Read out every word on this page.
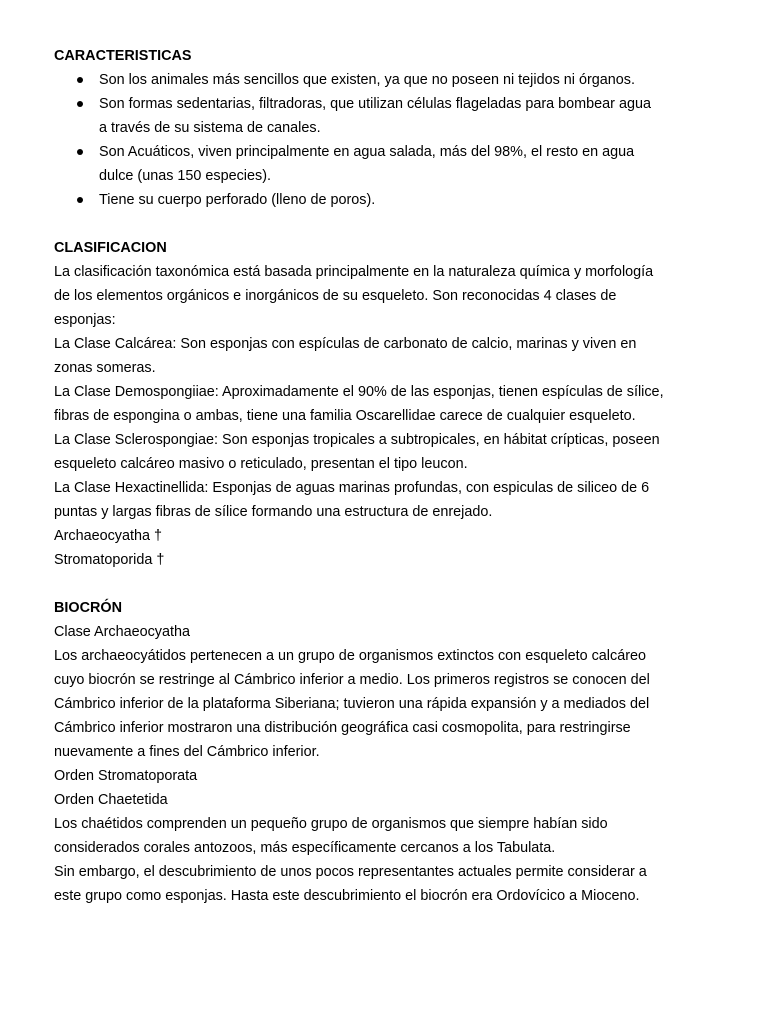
CARACTERISTICAS

Son los animales más sencillos que existen, ya que no poseen ni tejidos ni órganos.

Son formas sedentarias, filtradoras, que utilizan células flageladas para bombear agua

a través de su sistema de canales.

Son Acuáticos, viven principalmente en agua salada, más del 98%, el resto en agua

dulce (unas 150 especies).

Tiene su cuerpo perforado (lleno de poros).

CLASIFICACION

La clasificación taxonómica está basada principalmente en la naturaleza química y morfología

de los elementos orgánicos e inorgánicos de su esqueleto. Son reconocidas 4 clases de

esponjas:

La Clase Calcárea: Son esponjas con espículas de carbonato de calcio, marinas y viven en

zonas someras.

La Clase Demospongiiae: Aproximadamente el 90% de las esponjas, tienen espículas de sílice,

fibras de espongina o ambas, tiene una familia Oscarellidae carece de cualquier esqueleto.

La Clase Sclerospongiae: Son esponjas tropicales a subtropicales, en hábitat crípticas, poseen

esqueleto calcáreo masivo o reticulado, presentan el tipo leucon.

La Clase Hexactinellida: Esponjas de aguas marinas profundas, con espiculas de siliceo de 6

puntas y largas fibras de sílice formando una estructura de enrejado.

Archaeocyatha †

Stromatoporida †

BIOCRÓN

Clase Archaeocyatha

Los archaeocyátidos pertenecen a un grupo de organismos extinctos con esqueleto calcáreo

cuyo biocrón se restringe al Cámbrico inferior a medio. Los primeros registros se conocen del

Cámbrico inferior de la plataforma Siberiana; tuvieron una rápida expansión y a mediados del

Cámbrico inferior mostraron una distribución geográfica casi cosmopolita, para restringirse

nuevamente a fines del Cámbrico inferior.

Orden Stromatoporata

Orden Chaetetida

Los chaétidos comprenden un pequeño grupo de organismos que siempre habían sido

considerados corales antozoos, más específicamente cercanos a los Tabulata.

Sin embargo, el descubrimiento de unos pocos representantes actuales permite considerar a

este grupo como esponjas. Hasta este descubrimiento el biocrón era Ordovícico a Mioceno.
